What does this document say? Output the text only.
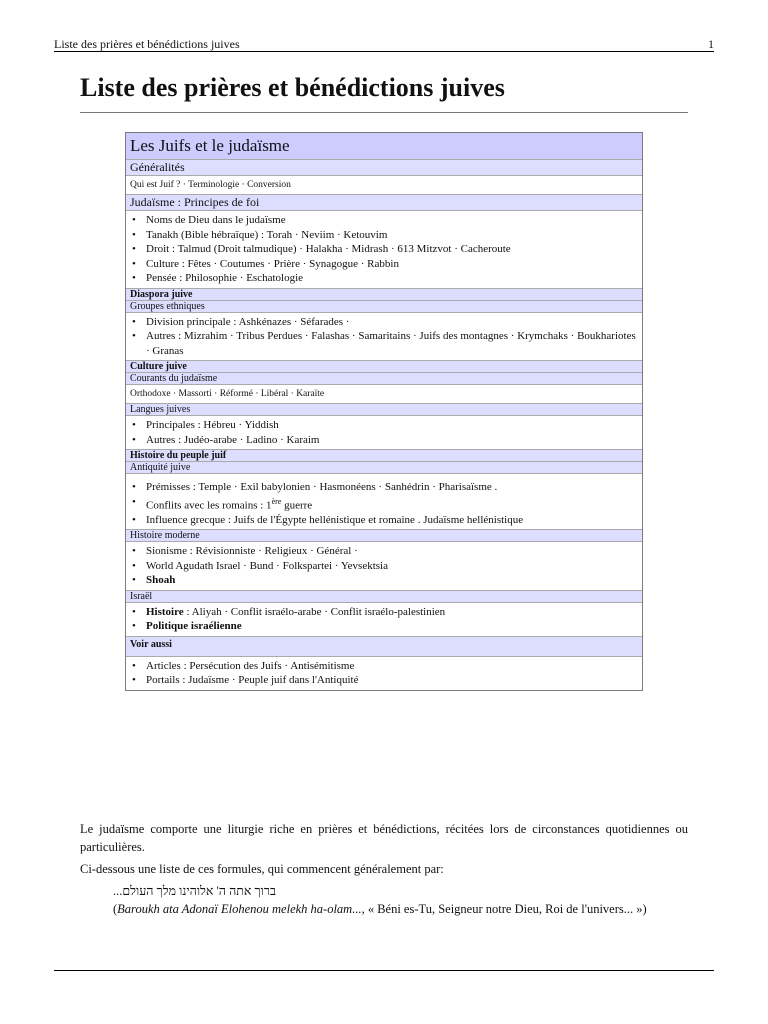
Liste des prières et bénédictions juives	1
Liste des prières et bénédictions juives
Les Juifs et le judaïsme
Généralités
Qui est Juif ? · Terminologie · Conversion
Judaïsme : Principes de foi
• Noms de Dieu dans le judaïsme
• Tanakh (Bible hébraïque) : Torah · Neviim · Ketouvim
• Droit : Talmud (Droit talmudique) · Halakha · Midrash · 613 Mitzvot · Cacheroute
• Culture : Fêtes · Coutumes · Prière · Synagogue · Rabbin
• Pensée : Philosophie · Eschatologie
Diaspora juive
Groupes ethniques
• Division principale : Ashkénazes · Séfarades ·
• Autres : Mizrahim · Tribus Perdues · Falashas · Samaritains · Juifs des montagnes · Krymchaks · Boukhariotes · Granas
Culture juive
Courants du judaïsme
Orthodoxe · Massorti · Réformé · Libéral · Karaïte
Langues juives
• Principales : Hébreu · Yiddish
• Autres : Judéo-arabe · Ladino · Karaim
Histoire du peuple juif
Antiquité juive
• Prémisses : Temple · Exil babylonien · Hasmonéens · Sanhédrin · Pharisaïsme .
• Conflits avec les romains : 1ère guerre
• Influence grecque : Juifs de l'Égypte hellénistique et romaine . Judaïsme hellénistique
Histoire moderne
• Sionisme : Révisionniste · Religieux · Général ·
• World Agudath Israel · Bund · Folkspartei · Yevsektsia
• Shoah
Israël
• Histoire : Aliyah · Conflit israélo-arabe · Conflit israélo-palestinien
• Politique israélienne
Voir aussi
• Articles : Persécution des Juifs · Antisémitisme
• Portails : Judaïsme · Peuple juif dans l'Antiquité

Le judaïsme comporte une liturgie riche en prières et bénédictions, récitées lors de circonstances quotidiennes ou particulières.

Ci-dessous une liste de ces formules, qui commencent généralement par:

ברוך אתה ה' אלוהינו מלך העולם...
(Baroukh ata Adonaï Elohenou melekh ha-olam..., « Béni es-Tu, Seigneur notre Dieu, Roi de l'univers... »)
